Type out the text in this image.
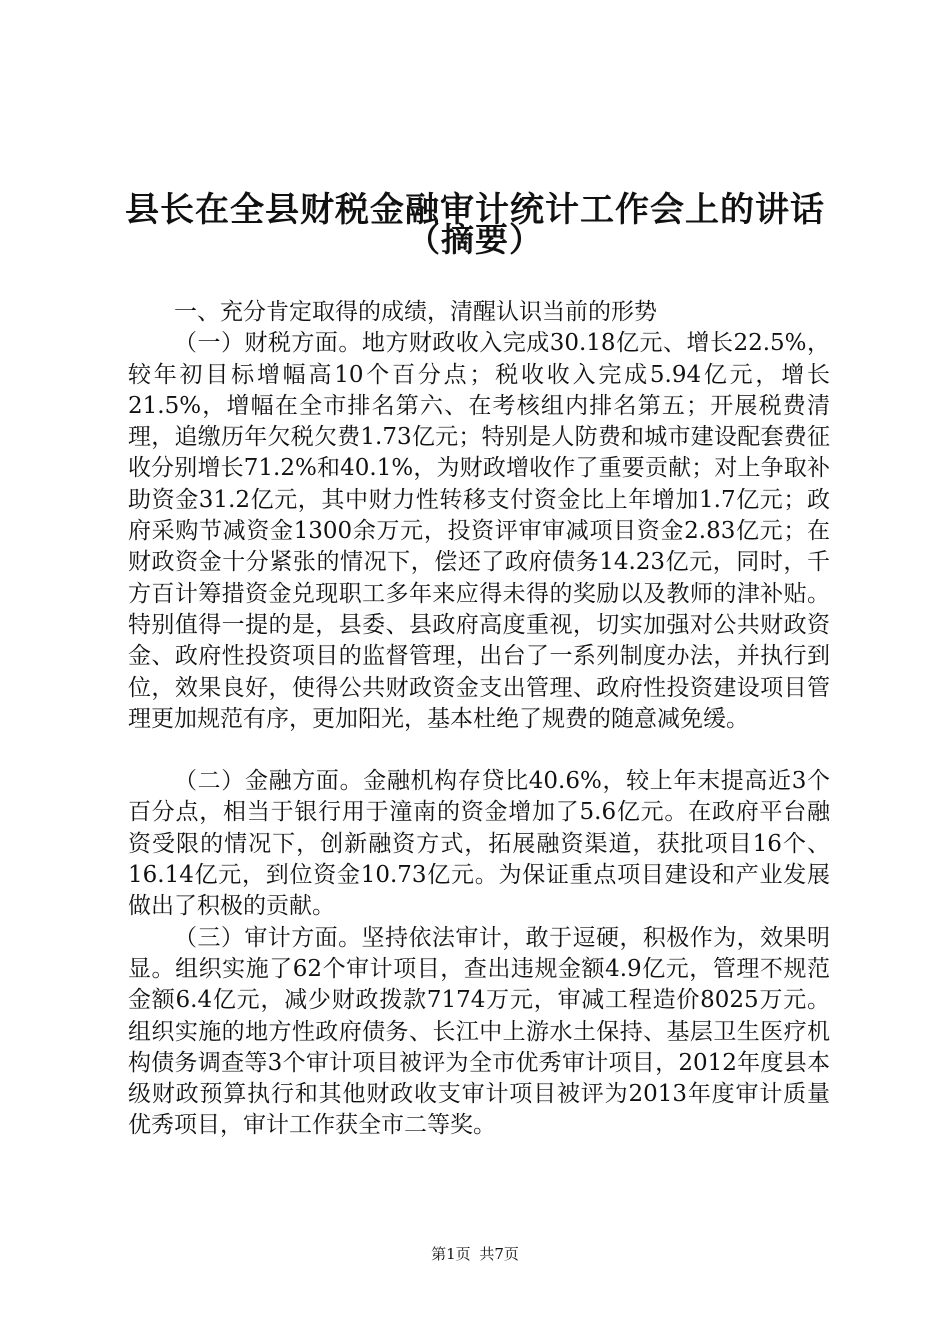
县长在全县财税金融审计统计工作会上的讲话
（摘要）

一、充分肯定取得的成绩，清醒认识当前的形势

（一）财税方面。地方财政收入完成30.18亿元、增长22.5%，较年初目标增幅高10个百分点；税收收入完成5.94亿元，增长21.5%，增幅在全市排名第六、在考核组内排名第五；开展税费清理，追缴历年欠税欠费1.73亿元；特别是人防费和城市建设配套费征收分别增长71.2%和40.1%，为财政增收作了重要贡献；对上争取补助资金31.2亿元，其中财力性转移支付资金比上年增加1.7亿元；政府采购节减资金1300余万元，投资评审审减项目资金2.83亿元；在财政资金十分紧张的情况下，偿还了政府债务14.23亿元，同时，千方百计筹措资金兑现职工多年来应得未得的奖励以及教师的津补贴。特别值得一提的是，县委、县政府高度重视，切实加强对公共财政资金、政府性投资项目的监督管理，出台了一系列制度办法，并执行到位，效果良好，使得公共财政资金支出管理、政府性投资建设项目管理更加规范有序，更加阳光，基本杜绝了规费的随意减免缓。

（二）金融方面。金融机构存贷比40.6%，较上年末提高近3个百分点，相当于银行用于潼南的资金增加了5.6亿元。在政府平台融资受限的情况下，创新融资方式，拓展融资渠道，获批项目16个、16.14亿元，到位资金10.73亿元。为保证重点项目建设和产业发展做出了积极的贡献。

（三）审计方面。坚持依法审计，敢于逗硬，积极作为，效果明显。组织实施了62个审计项目，查出违规金额4.9亿元，管理不规范金额6.4亿元，减少财政拨款7174万元，审减工程造价8025万元。组织实施的地方性政府债务、长江中上游水土保持、基层卫生医疗机构债务调查等3个审计项目被评为全市优秀审计项目，2012年度县本级财政预算执行和其他财政收支审计项目被评为2013年度审计质量优秀项目，审计工作获全市二等奖。

第1页 共7页
